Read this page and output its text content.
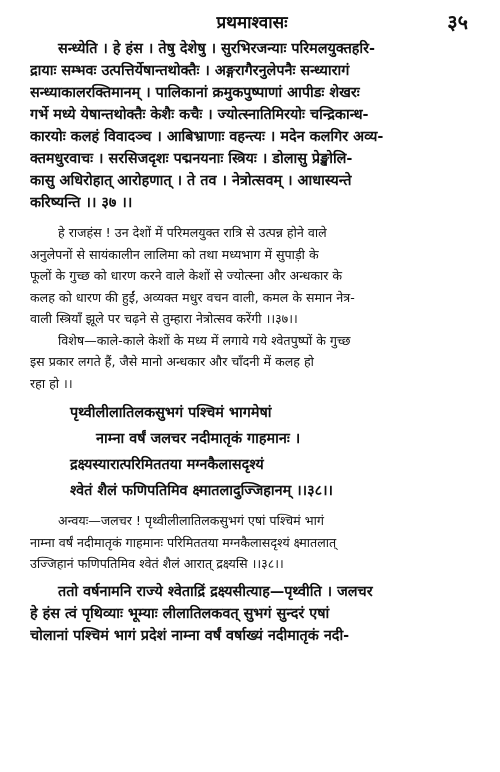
प्रथमाश्वासः	३५
सन्ध्येति । हे हंस । तेषु देशेषु । सुरभिरजन्याः परिमलयुक्तहरि-
द्रायाः सम्भवः उत्पत्तिर्येषान्तथोक्तैः । अङ्गरागैरनुलेपनैः सन्ध्यारागं
सन्ध्याकालरक्तिमानम् । पालिकानां क्रमुकपुष्पाणां आपीडः शेखरः
गर्भे मध्ये येषान्तथोक्तैः केशैः कचैः । ज्योत्स्नातिमिरयोः चन्द्रिकान्ध-
कारयोः कलहं विवादञ्च । आबिभ्राणाः वहन्त्यः । मदेन कलगिर अव्य-
क्तमधुरवाचः । सरसिजदृशः पद्मनयनाः स्त्रियः । डोलासु प्रेङ्खोलि-
कासु अधिरोहात् आरोहणात् । ते तव । नेत्रोत्सवम् । आधास्यन्ते
करिष्यन्ति ।। ३७ ।।
हे राजहंस ! उन देशों में परिमलयुक्त रात्रि से उत्पन्न होने वाले
अनुलेपनों से सायंकालीन लालिमा को तथा मध्यभाग में सुपाड़ी के
फूलों के गुच्छ को धारण करने वाले केशों से ज्योत्स्ना और अन्धकार के
कलह को धारण की हुईं, अव्यक्त मधुर वचन वाली, कमल के समान नेत्र-
वाली स्त्रियाँ झूले पर चढ़ने से तुम्हारा नेत्रोत्सव करेंगी ।।३७।।
विशेष—काले-काले केशों के मध्य में लगाये गये श्वेतपुष्पों के गुच्छ
इस प्रकार लगते हैं, जैसे मानो अन्धकार और चाँदनी में कलह हो
रहा हो ।।
पृथ्वीलीलातिलकसुभगं पश्चिमं भागमेषां
नाम्ना वर्षं जलचर नदीमातृकं गाहमानः ।
द्रक्ष्यस्यारात्परिमिततया मग्नकैलासदृश्यं
श्वेतं शैलं फणिपतिमिव क्ष्मातलादुज्जिहानम् ।।३८।।
अन्वयः—जलचर ! पृथ्वीलीलातिलकसुभगं एषां पश्चिमं भागं
नाम्ना वर्षं नदीमातृकं गाहमानः परिमिततया मग्नकैलासदृश्यं क्ष्मातलात्
उज्जिहानं फणिपतिमिव श्वेतं शैलं आरात् द्रक्ष्यसि ।।३८।।
ततो वर्षनामनि राज्ये श्वेताद्रिं द्रक्ष्यसीत्याह—पृथ्वीति । जलचर
हे हंस त्वं पृथिव्याः भूम्याः लीलातिलकवत् सुभगं सुन्दरं एषां
चोलानां पश्चिमं भागं प्रदेशं नाम्ना वर्षं वर्षाख्यं नदीमातृकं नदी-
